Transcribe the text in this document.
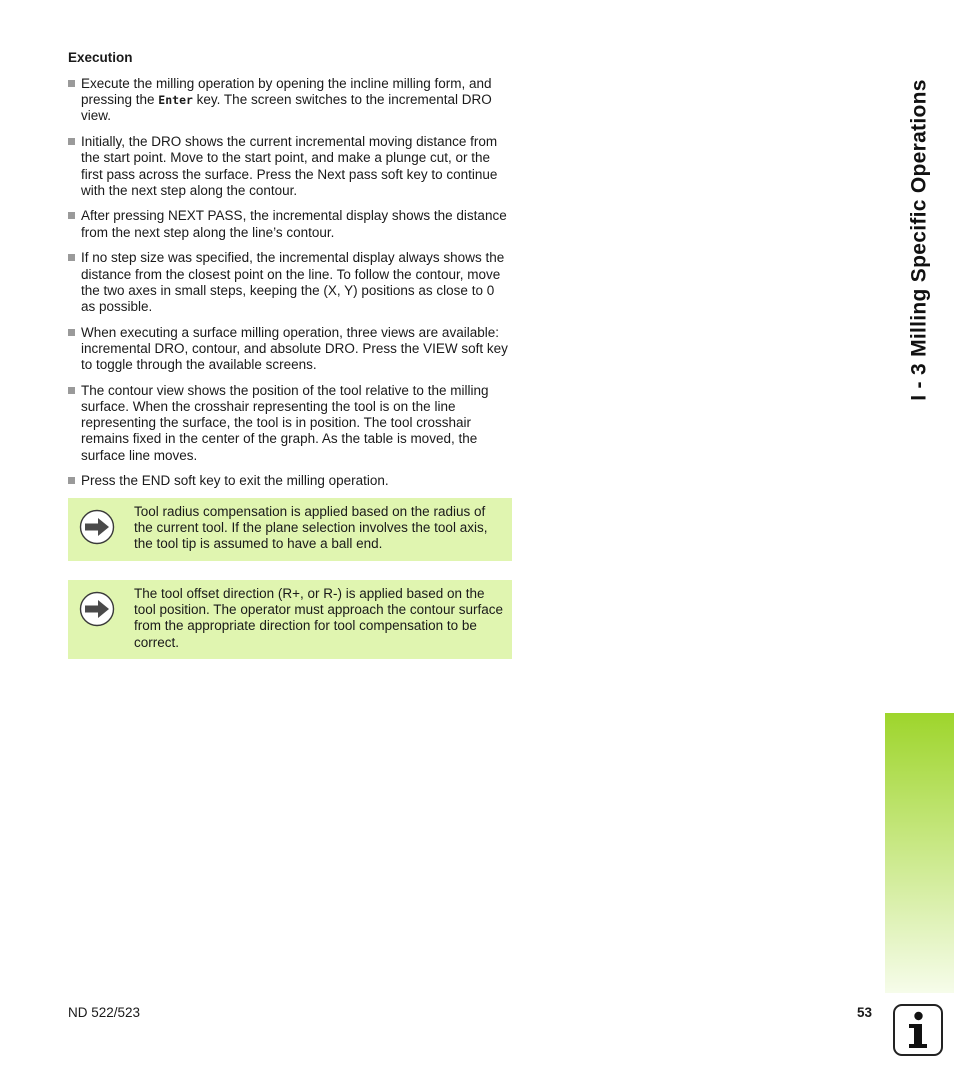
Execution
Execute the milling operation by opening the incline milling form, and pressing the Enter key. The screen switches to the incremental DRO view.
Initially, the DRO shows the current incremental moving distance from the start point. Move to the start point, and make a plunge cut, or the first pass across the surface. Press the Next pass soft key to continue with the next step along the contour.
After pressing NEXT PASS, the incremental display shows the distance from the next step along the line’s contour.
If no step size was specified, the incremental display always shows the distance from the closest point on the line. To follow the contour, move the two axes in small steps, keeping the (X, Y) positions as close to 0 as possible.
When executing a surface milling operation, three views are available: incremental DRO, contour, and absolute DRO. Press the VIEW soft key to toggle through the available screens.
The contour view shows the position of the tool relative to the milling surface. When the crosshair representing the tool is on the line representing the surface, the tool is in position. The tool crosshair remains fixed in the center of the graph. As the table is moved, the surface line moves.
Press the END soft key to exit the milling operation.
Tool radius compensation is applied based on the radius of the current tool. If the plane selection involves the tool axis, the tool tip is assumed to have a ball end.
The tool offset direction (R+, or R-) is applied based on the tool position. The operator must approach the contour surface from the appropriate direction for tool compensation to be correct.
I - 3 Milling Specific Operations
ND 522/523	53
